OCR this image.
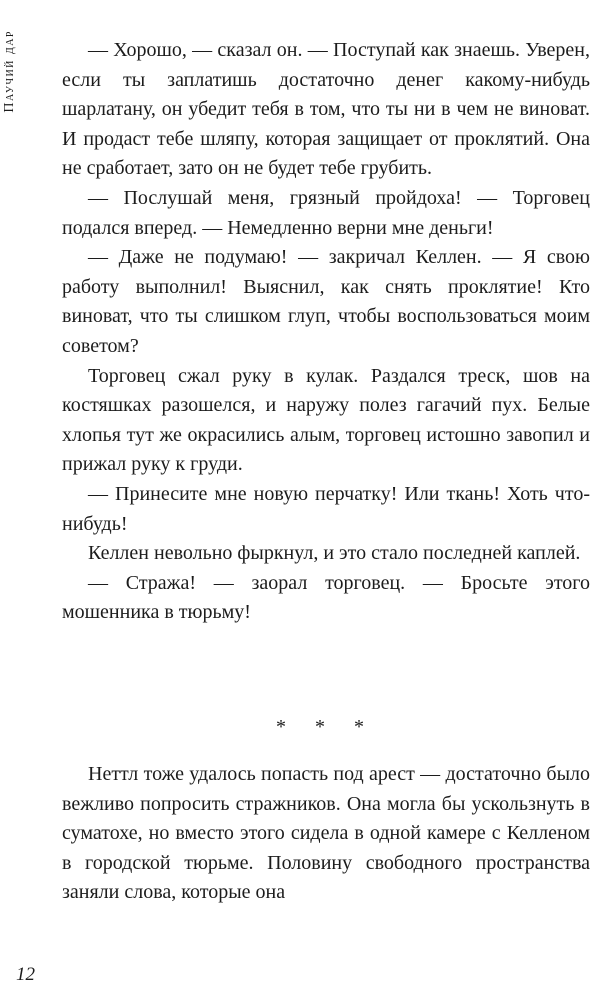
Паучий дар	— Хорошо, — сказал он. — Поступай как знаешь. Уверен, если ты заплатишь достаточно денег какому-нибудь шарлатану, он убедит тебя в том, что ты ни в чем не виноват. И продаст тебе шляпу, которая защищает от проклятий. Она не сработает, зато он не будет тебе грубить.

— Послушай меня, грязный пройдоха! — Торговец подался вперед. — Немедленно верни мне деньги!

— Даже не подумаю! — закричал Келлен. — Я свою работу выполнил! Выяснил, как снять проклятие! Кто виноват, что ты слишком глуп, чтобы воспользоваться моим советом?

Торговец сжал руку в кулак. Раздался треск, шов на костяшках разошелся, и наружу полез гагачий пух. Белые хлопья тут же окрасились алым, торговец истошно завопил и прижал руку к груди.

— Принесите мне новую перчатку! Или ткань! Хоть что-нибудь!

Келлен невольно фыркнул, и это стало последней каплей.

— Стража! — заорал торговец. — Бросьте этого мошенника в тюрьму!

* * *

Неттл тоже удалось попасть под арест — достаточно было вежливо попросить стражников. Она могла бы ускользнуть в суматохе, но вместо этого сидела в одной камере с Келленом в городской тюрьме. Половину свободного пространства заняли слова, которые она

12
